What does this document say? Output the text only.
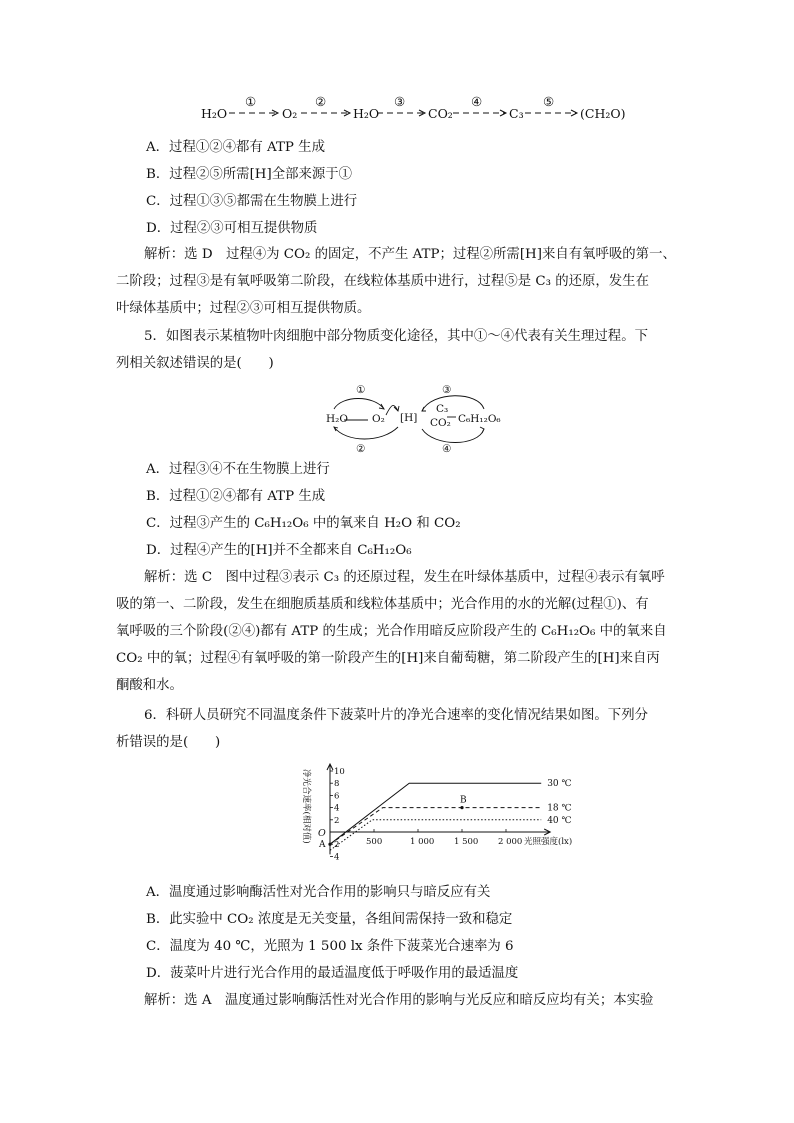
H₂O	O₂	H₂O	CO₂	C₃	(CH₂O)
①	②	③	④	⑤
A．过程①②④都有 ATP 生成
B．过程②⑤所需[H]全部来源于①
C．过程①③⑤都需在生物膜上进行
D．过程②③可相互提供物质
解析：选 D　过程④为 CO₂ 的固定，不产生 ATP；过程②所需[H]来自有氧呼吸的第一、
二阶段；过程③是有氧呼吸第二阶段，在线粒体基质中进行，过程⑤是 C₃ 的还原，发生在
叶绿体基质中；过程②③可相互提供物质。
5．如图表示某植物叶肉细胞中部分物质变化途径，其中①～④代表有关生理过程。下
列相关叙述错误的是(　　)
①
②
③
④
H₂O O₂ [H]
C₃
CO₂ C₆H₁₂O₆
A．过程③④不在生物膜上进行
B．过程①②④都有 ATP 生成
C．过程③产生的 C₆H₁₂O₆ 中的氧来自 H₂O 和 CO₂
D．过程④产生的[H]并不全都来自 C₆H₁₂O₆
解析：选 C　图中过程③表示 C₃ 的还原过程，发生在叶绿体基质中，过程④表示有氧呼
吸的第一、二阶段，发生在细胞质基质和线粒体基质中；光合作用的水的光解(过程①)、有
氧呼吸的三个阶段(②④)都有 ATP 的生成；光合作用暗反应阶段产生的 C₆H₁₂O₆ 中的氧来自
CO₂ 中的氧；过程④有氧呼吸的第一阶段产生的[H]来自葡萄糖，第二阶段产生的[H]来自丙
酮酸和水。
6．科研人员研究不同温度条件下菠菜叶片的净光合速率的变化情况结果如图。下列分
析错误的是(　　)
10
8
6
4
2
2
4
500	1 000 1 500 2 000 光照强度(lx)
O
净光合速率(相对值)	30 ℃
18 ℃
40 ℃
A
B
A．温度通过影响酶活性对光合作用的影响只与暗反应有关
B．此实验中 CO₂ 浓度是无关变量，各组间需保持一致和稳定
C．温度为 40 ℃，光照为 1 500 lx 条件下菠菜光合速率为 6
D．菠菜叶片进行光合作用的最适温度低于呼吸作用的最适温度
解析：选 A　温度通过影响酶活性对光合作用的影响与光反应和暗反应均有关；本实验
